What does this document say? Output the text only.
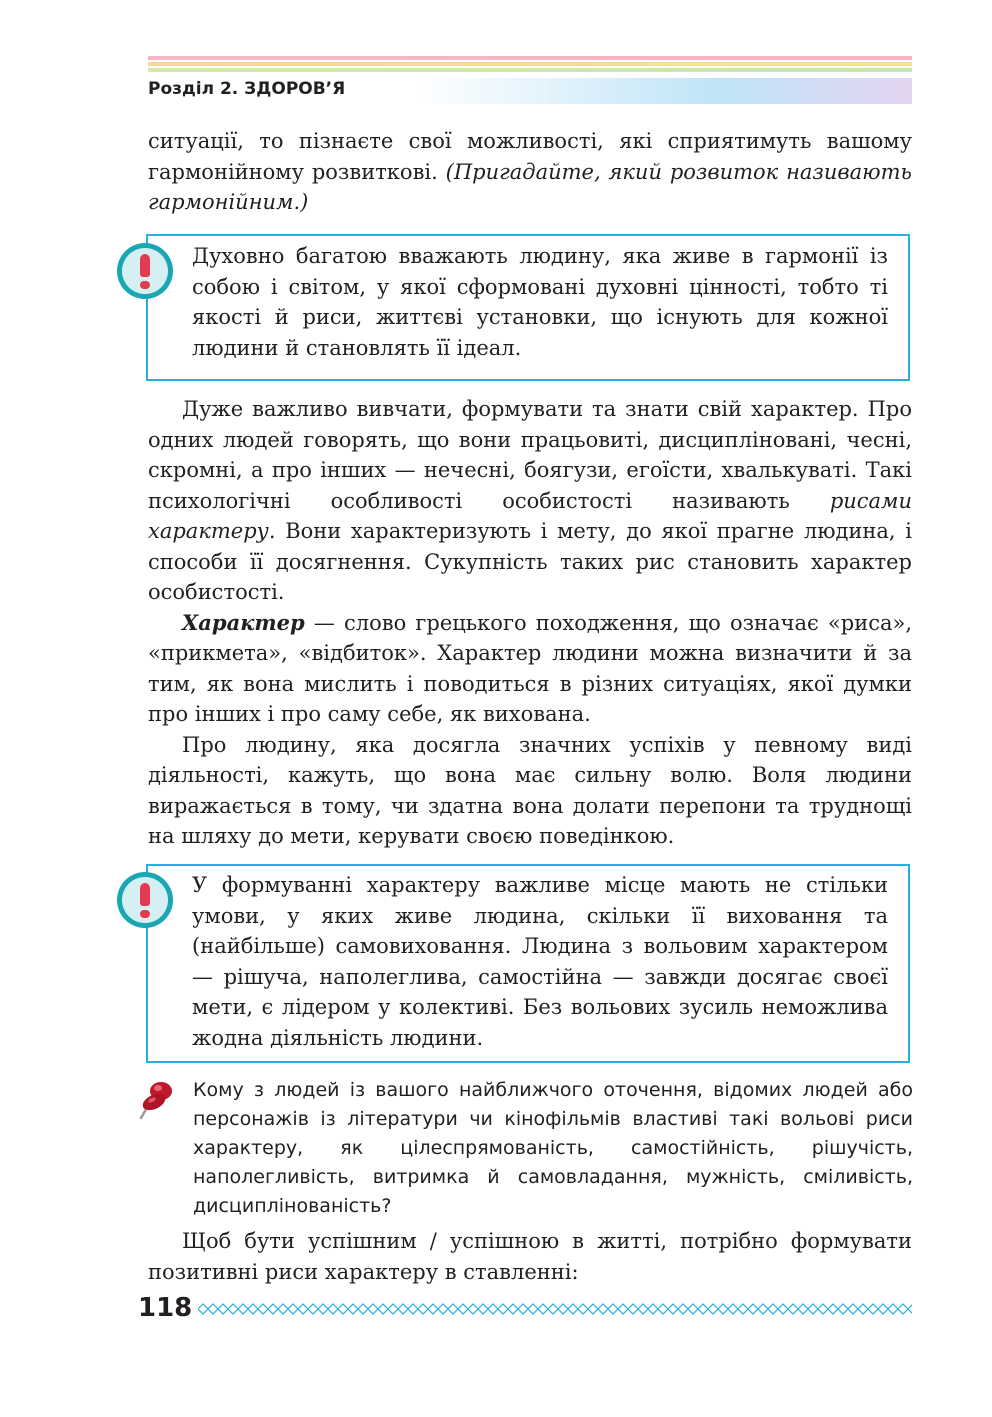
Розділ 2. ЗДОРОВ’Я

ситуації, то пізнаєте свої можливості, які сприятимуть вашому гармонійному розвиткові. (Пригадайте, який розвиток називають гармонійним.)

Духовно багатою вважають людину, яка живе в гармонії із собою і світом, у якої сформовані духовні цінності, тобто ті якості й риси, життєві установки, що існують для кожної людини й становлять її ідеал.

Дуже важливо вивчати, формувати та знати свій характер. Про одних людей говорять, що вони працьовиті, дисципліновані, чесні, скромні, а про інших — нечесні, боягузи, егоїсти, хвалькуваті. Такі психологічні особливості особистості називають рисами характеру. Вони характеризують і мету, до якої прагне людина, і способи її досягнення. Сукупність таких рис становить характер особистості.

Характер — слово грецького походження, що означає «риса», «прикмета», «відбиток». Характер людини можна визначити й за тим, як вона мислить і поводиться в різних ситуаціях, якої думки про інших і про саму себе, як вихована.

Про людину, яка досягла значних успіхів у певному виді діяльності, кажуть, що вона має сильну волю. Воля людини виражається в тому, чи здатна вона долати перепони та труднощі на шляху до мети, керувати своєю поведінкою.

У формуванні характеру важливе місце мають не стільки умови, у яких живе людина, скільки її виховання та (найбільше) самовиховання. Людина з вольовим характером — рішуча, наполеглива, самостійна — завжди досягає своєї мети, є лідером у колективі. Без вольових зусиль неможлива жодна діяльність людини.
Кому з людей із вашого найближчого оточення, відомих людей або персонажів із літератури чи кінофільмів властиві такі вольові риси характеру, як цілеспрямованість, самостійність, рішучість, наполегливість, витримка й самовладання, мужність, сміливість, дисциплінованість?

Щоб бути успішним / успішною в житті, потрібно формувати позитивні риси характеру в ставленні:

118
